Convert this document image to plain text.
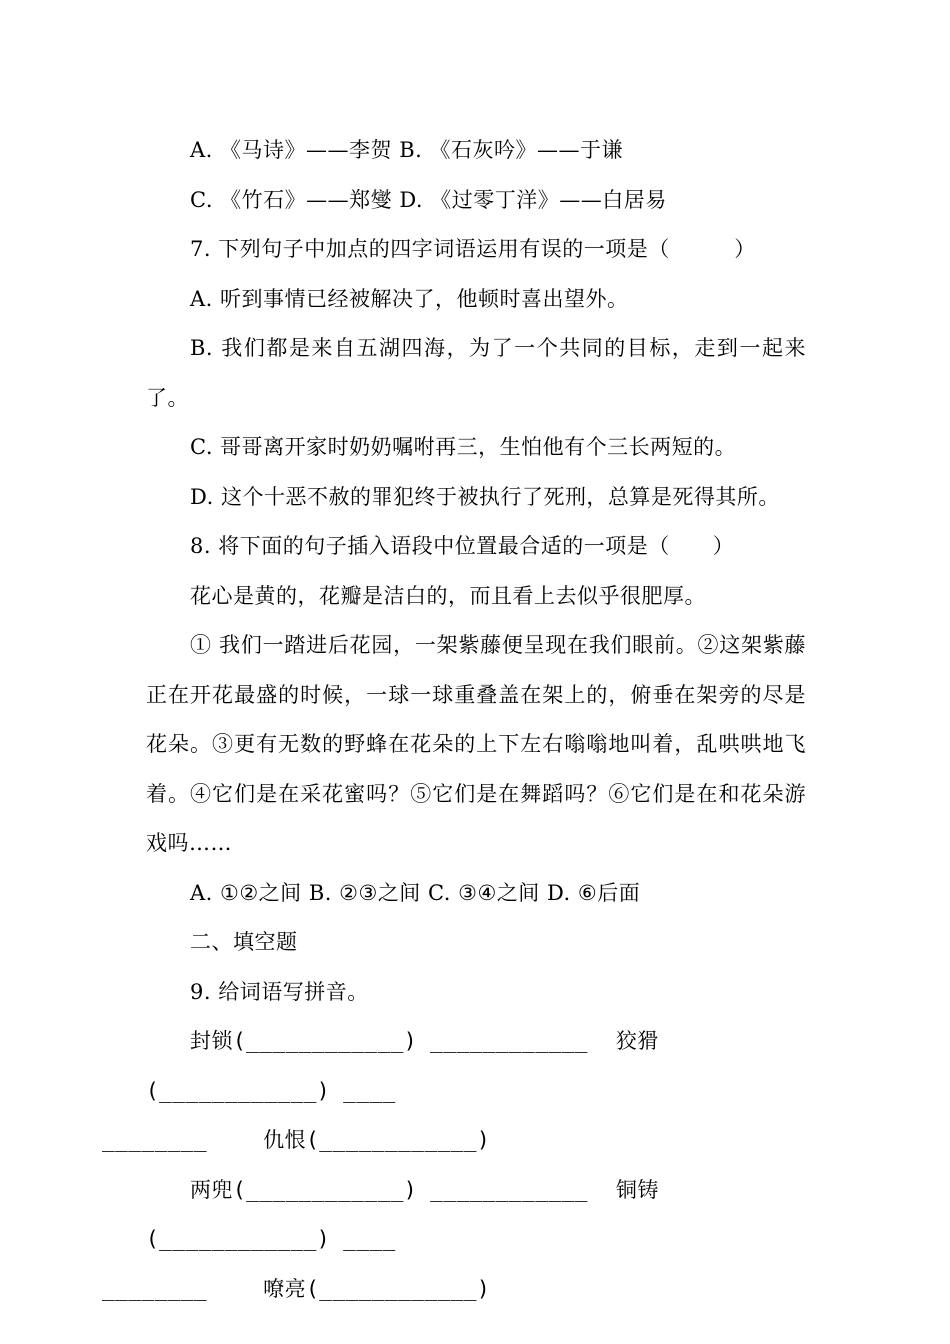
A. 《马诗》——李贺 B. 《石灰吟》——于谦
C. 《竹石》——郑燮 D. 《过零丁洋》——白居易
7. 下列句子中加点的四字词语运用有误的一项是（　　　）
A. 听到事情已经被解决了，他顿时喜出望外。
B. 我们都是来自五湖四海，为了一个共同的目标，走到一起来了。
C. 哥哥离开家时奶奶嘱咐再三，生怕他有个三长两短的。
D. 这个十恶不赦的罪犯终于被执行了死刑，总算是死得其所。
8. 将下面的句子插入语段中位置最合适的一项是（　　）
花心是黄的，花瓣是洁白的，而且看上去似乎很肥厚。
① 我们一踏进后花园，一架紫藤便呈现在我们眼前。②这架紫藤正在开花最盛的时候，一球一球重叠盖在架上的，俯垂在架旁的尽是花朵。③更有无数的野蜂在花朵的上下左右嗡嗡地叫着，乱哄哄地飞着。④它们是在采花蜜吗？⑤它们是在舞蹈吗？⑥它们是在和花朵游戏吗……
A. ①②之间 B. ②③之间 C. ③④之间 D. ⑥后面
二、填空题
9. 给词语写拼音。
封锁(____________) ____________ 狡猾(____________) ____
________	仇恨(____________)
两兜(____________) ____________ 铜铸(____________) ____
________	嘹亮(____________)
